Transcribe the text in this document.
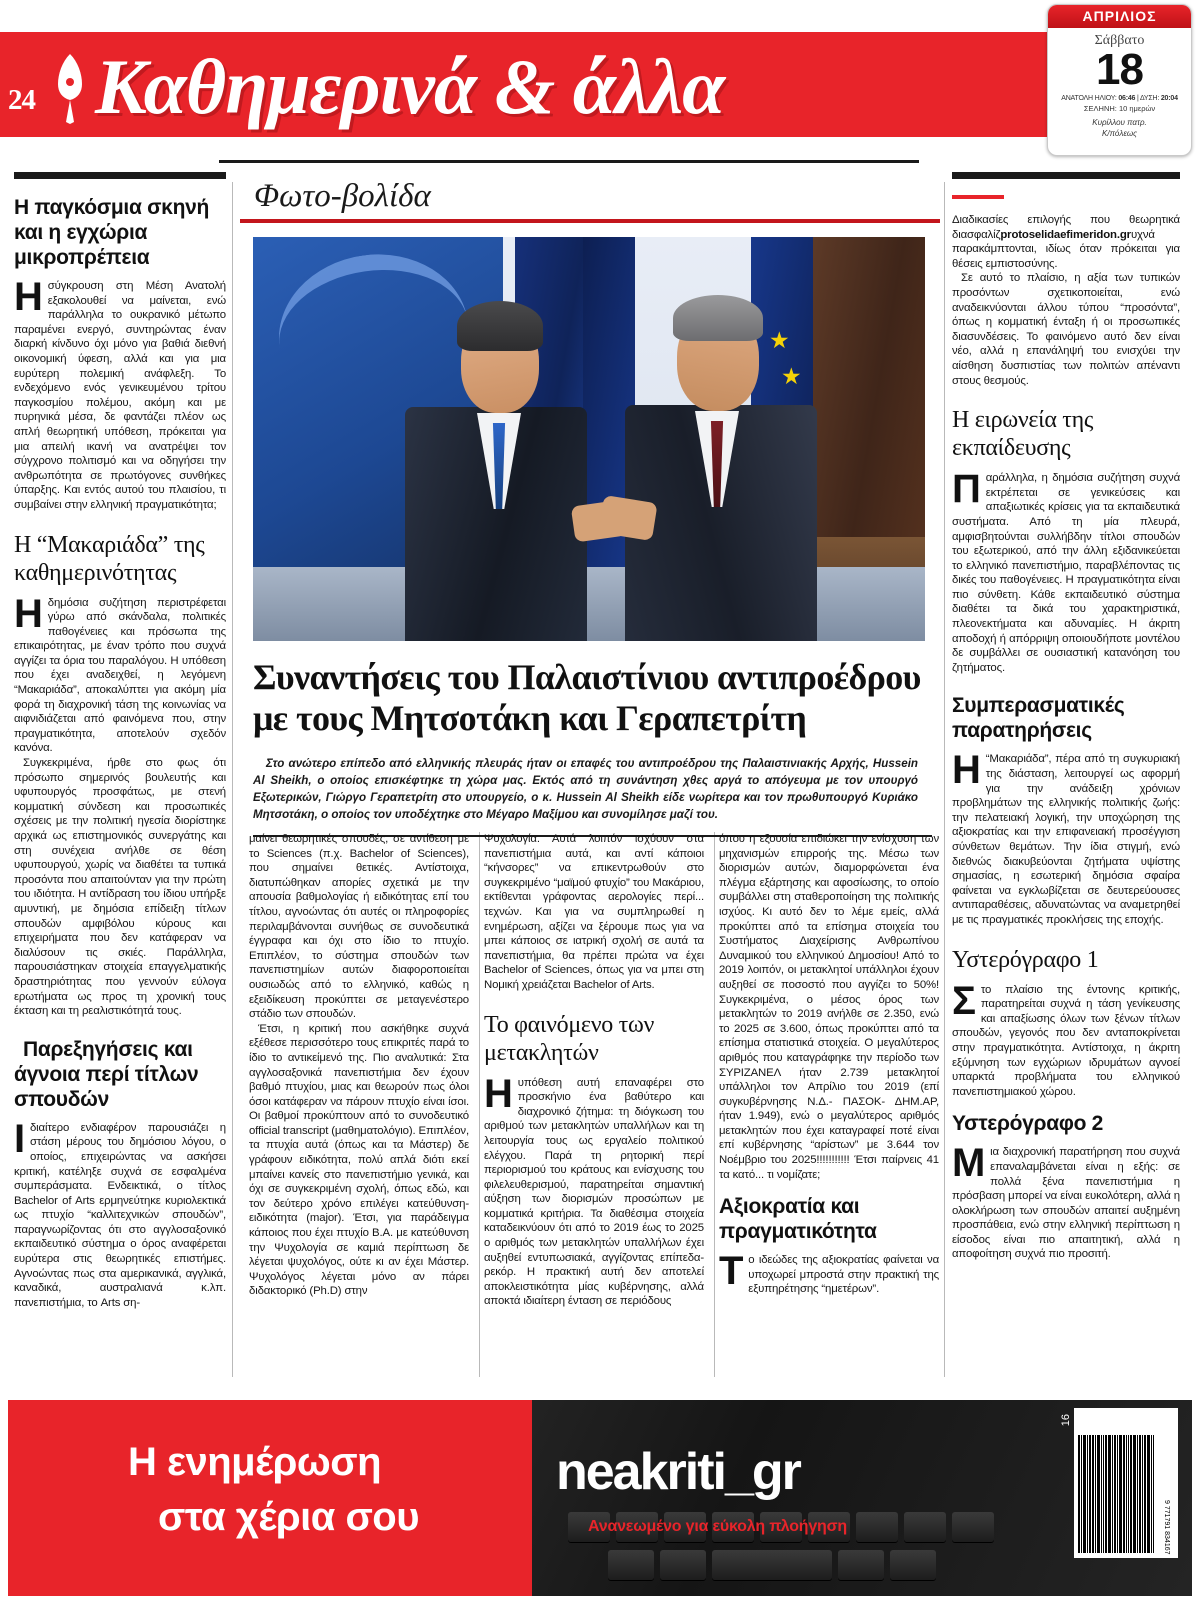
24 Καθημερινά & άλλα
ΑΠΡΙΛΙΟΣ
Σάββατο
18
ΑΝΑΤΟΛΗ ΗΛΙΟΥ: 06:46 | ΔΥΣΗ: 20:04
ΣΕΛΗΝΗ: 10 ημερών
Κυρίλλου πατρ.
Κ/πόλεως
Η παγκόσμια σκηνή και η εγχώρια μικροπρέπεια

Ησύγκρουση στη Μέση Ανατολή εξακολουθεί να μαίνεται, ενώ παράλληλα το ουκρανικό μέτωπο παραμένει ενεργό, συντηρώντας έναν διαρκή κίνδυνο όχι μόνο για βαθιά διεθνή οικονομική ύφεση, αλλά και για μια ευρύτερη πολεμική ανάφλεξη. Το ενδεχόμενο ενός γενικευμένου τρίτου παγκοσμίου πολέμου, ακόμη και με πυρηνικά μέσα, δε φαντάζει πλέον ως απλή θεωρητική υπόθεση, πρόκειται για μια απειλή ικανή να ανατρέψει τον σύγχρονο πολιτισμό και να οδηγήσει την ανθρωπότητα σε πρωτόγονες συνθήκες ύπαρξης. Και εντός αυτού του πλαισίου, τι συμβαίνει στην ελληνική πραγματικότητα;

Η “Μακαριάδα” της καθημερινότητας

Ηδημόσια συζήτηση περιστρέφεται γύρω από σκάνδαλα, πολιτικές παθογένειες και πρόσωπα της επικαιρότητας, με έναν τρόπο που συχνά αγγίζει τα όρια του παραλόγου. Η υπόθεση που έχει αναδειχθεί, η λεγόμενη “Μακαριάδα”, αποκαλύπτει για ακόμη μία φορά τη διαχρονική τάση της κοινωνίας να αιφνιδιάζεται από φαινόμενα που, στην πραγματικότητα, αποτελούν σχεδόν κανόνα.

Συγκεκριμένα, ήρθε στο φως ότι πρόσωπο σημερινός βουλευτής και υφυπουργός προσφάτως, με στενή κομματική σύνδεση και προσωπικές σχέσεις με την πολιτική ηγεσία διορίστηκε αρχικά ως επιστημονικός συνεργάτης και στη συνέχεια ανήλθε σε θέση υφυπουργού, χωρίς να διαθέτει τα τυπικά προσόντα που απαιτούνταν για την πρώτη του ιδιότητα. Η αντίδραση του ίδιου υπήρξε αμυντική, με δημόσια επίδειξη τίτλων σπουδών αμφιβόλου κύρους και επιχειρήματα που δεν κατάφεραν να διαλύσουν τις σκιές. Παράλληλα, παρουσιάστηκαν στοιχεία επαγγελματικής δραστηριότητας που γεννούν εύλογα ερωτήματα ως προς τη χρονική τους έκταση και τη ρεαλιστικότητά τους.

Παρεξηγήσεις και άγνοια περί τίτλων σπουδών

Ιδιαίτερο ενδιαφέρον παρουσιάζει η στάση μέρους του δημόσιου λόγου, ο οποίος, επιχειρώντας να ασκήσει κριτική, κατέληξε συχνά σε εσφαλμένα συμπεράσματα. Ενδεικτικά, ο τίτλος Bachelor of Arts ερμηνεύτηκε κυριολεκτικά ως πτυχίο “καλλιτεχνικών σπουδών”, παραγνωρίζοντας ότι στο αγγλοσαξονικό εκπαιδευτικό σύστημα ο όρος αναφέρεται ευρύτερα στις θεωρητικές επιστήμες. Αγνοώντας πως στα αμερικανικά, αγγλικά, καναδικά, αυστραλιανά κ.λπ. πανεπιστήμια, το Arts ση-

Φωτο-βολίδα
★
★
Συναντήσεις του Παλαιστίνιου αντιπροέδρου με τους Μητσοτάκη και Γεραπετρίτη
Στο ανώτερο επίπεδο από ελληνικής πλευράς ήταν οι επαφές του αντιπροέδρου της Παλαιστινιακής Αρχής, Hussein Al Sheikh, ο οποίος επισκέφτηκε τη χώρα μας. Εκτός από τη συνάντηση χθες αργά το απόγευμα με τον υπουργό Εξωτερικών, Γιώργο Γεραπετρίτη στο υπουργείο, ο κ. Hussein Al Sheikh είδε νωρίτερα και τον πρωθυπουργό Κυριάκο Μητσοτάκη, ο οποίος τον υποδέχτηκε στο Μέγαρο Μαξίμου και συνομίλησε μαζί του.

μαίνει θεωρητικές σπουδές, σε αντίθεση με το Sciences (π.χ. Bachelor of Sciences), που σημαίνει θετικές. Αντίστοιχα, διατυπώθηκαν απορίες σχετικά με την απουσία βαθμολογίας ή ειδικότητας επί του τίτλου, αγνοώντας ότι αυτές οι πληροφορίες περιλαμβάνονται συνήθως σε συνοδευτικά έγγραφα και όχι στο ίδιο το πτυχίο. Επιπλέον, το σύστημα σπουδών των πανεπιστημίων αυτών διαφοροποιείται ουσιωδώς από το ελληνικό, καθώς η εξειδίκευση προκύπτει σε μεταγενέστερο στάδιο των σπουδών.

Έτσι, η κριτική που ασκήθηκε συχνά εξέθεσε περισσότερο τους επικριτές παρά το ίδιο το αντικείμενό της. Πιο αναλυτικά: Στα αγγλοσαξονικά πανεπιστήμια δεν έχουν βαθμό πτυχίου, μιας και θεωρούν πως όλοι όσοι κατάφεραν να πάρουν πτυχίο είναι ίσοι. Οι βαθμοί προκύπτουν από το συνοδευτικό official transcript (μαθηματολόγιο). Επιπλέον, τα πτυχία αυτά (όπως και τα Μάστερ) δε γράφουν ειδικότητα, πολύ απλά διότι εκεί μπαίνει κανείς στο πανεπιστήμιο γενικά, και όχι σε συγκεκριμένη σχολή, όπως εδώ, και τον δεύτερο χρόνο επιλέγει κατεύθυνση-ειδικότητα (major). Έτσι, για παράδειγμα κάποιος που έχει πτυχίο Β.Α. με κατεύθυνση την Ψυχολογία σε καμιά περίπτωση δε λέγεται ψυχολόγος, ούτε κι αν έχει Μάστερ. Ψυχολόγος λέγεται μόνο αν πάρει διδακτορικό (Ph.D) στην

Ψυχολογία. Αυτά λοιπόν ισχύουν στα πανεπιστήμια αυτά, και αντί κάποιοι “κήνσορες” να επικεντρωθούν στο συγκεκριμένο “μαϊμού φτυχίο” του Μακάριου, εκτίθενται γράφοντας αερολογίες περί... τεχνών. Και για να συμπληρωθεί η ενημέρωση, αξίζει να ξέρουμε πως για να μπει κάποιος σε ιατρική σχολή σε αυτά τα πανεπιστήμια, θα πρέπει πρώτα να έχει Bachelor of Sciences, όπως για να μπει στη Νομική χρειάζεται Bachelor of Arts.

Το φαινόμενο των μετακλητών

Ηυπόθεση αυτή επαναφέρει στο προσκήνιο ένα βαθύτερο και διαχρονικό ζήτημα: τη διόγκωση του αριθμού των μετακλητών υπαλλήλων και τη λειτουργία τους ως εργαλείο πολιτικού ελέγχου. Παρά τη ρητορική περί περιορισμού του κράτους και ενίσχυσης του φιλελευθερισμού, παρατηρείται σημαντική αύξηση των διορισμών προσώπων με κομματικά κριτήρια. Τα διαθέσιμα στοιχεία καταδεικνύουν ότι από το 2019 έως το 2025 ο αριθμός των μετακλητών υπαλλήλων έχει αυξηθεί εντυπωσιακά, αγγίζοντας επίπεδα-ρεκόρ. Η πρακτική αυτή δεν αποτελεί αποκλειστικότητα μίας κυβέρνησης, αλλά αποκτά ιδιαίτερη ένταση σε περιόδους

όπου η εξουσία επιδιώκει την ενίσχυση των μηχανισμών επιρροής της. Μέσω των διορισμών αυτών, διαμορφώνεται ένα πλέγμα εξάρτησης και αφοσίωσης, το οποίο συμβάλλει στη σταθεροποίηση της πολιτικής ισχύος. Κι αυτό δεν το λέμε εμείς, αλλά προκύπτει από τα επίσημα στοιχεία του Συστήματος Διαχείρισης Ανθρωπίνου Δυναμικού του ελληνικού Δημοσίου! Από το 2019 λοιπόν, οι μετακλητοί υπάλληλοι έχουν αυξηθεί σε ποσοστό που αγγίζει το 50%! Συγκεκριμένα, ο μέσος όρος των μετακλητών το 2019 ανήλθε σε 2.350, ενώ το 2025 σε 3.600, όπως προκύπτει από τα επίσημα στατιστικά στοιχεία. Ο μεγαλύτερος αριθμός που καταγράφηκε την περίοδο των ΣΥΡΙΖΑΝΕΛ ήταν 2.739 μετακλητοί υπάλληλοι τον Απρίλιο του 2019 (επί συγκυβέρνησης Ν.Δ.- ΠΑΣΟΚ- ΔΗΜ.ΑΡ, ήταν 1.949), ενώ ο μεγαλύτερος αριθμός μετακλητών που έχει καταγραφεί ποτέ είναι επί κυβέρνησης “αρίστων” με 3.644 τον Νοέμβριο του 2025!!!!!!!!!!! Έτσι παίρνεις 41 τα κατό... τι νομίζατε;

Αξιοκρατία και πραγματικότητα

Το ιδεώδες της αξιοκρατίας φαίνεται να υποχωρεί μπροστά στην πρακτική της εξυπηρέτησης “ημετέρων”.

Διαδικασίες επιλογής που θεωρητικά διασφαλίζprotoselidaefimeridon.grυχνά παρακάμπτονται, ιδίως όταν πρόκειται για θέσεις εμπιστοσύνης.

Σε αυτό το πλαίσιο, η αξία των τυπικών προσόντων σχετικοποιείται, ενώ αναδεικνύονται άλλου τύπου “προσόντα”, όπως η κομματική ένταξη ή οι προσωπικές διασυνδέσεις. Το φαινόμενο αυτό δεν είναι νέο, αλλά η επανάληψή του ενισχύει την αίσθηση δυσπιστίας των πολιτών απέναντι στους θεσμούς.

Η ειρωνεία της εκπαίδευσης

Παράλληλα, η δημόσια συζήτηση συχνά εκτρέπεται σε γενικεύσεις και απαξιωτικές κρίσεις για τα εκπαιδευτικά συστήματα. Από τη μία πλευρά, αμφισβητούνται συλλήβδην τίτλοι σπουδών του εξωτερικού, από την άλλη εξιδανικεύεται το ελληνικό πανεπιστήμιο, παραβλέποντας τις δικές του παθογένειες. Η πραγματικότητα είναι πιο σύνθετη. Κάθε εκπαιδευτικό σύστημα διαθέτει τα δικά του χαρακτηριστικά, πλεονεκτήματα και αδυναμίες. Η άκριτη αποδοχή ή απόρριψη οποιουδήποτε μοντέλου δε συμβάλλει σε ουσιαστική κατανόηση του ζητήματος.

Συμπερασματικές παρατηρήσεις

Η “Μακαριάδα”, πέρα από τη συγκυριακή της διάσταση, λειτουργεί ως αφορμή για την ανάδειξη χρόνιων προβλημάτων της ελληνικής πολιτικής ζωής: την πελατειακή λογική, την υποχώρηση της αξιοκρατίας και την επιφανειακή προσέγγιση σύνθετων θεμάτων. Την ίδια στιγμή, ενώ διεθνώς διακυβεύονται ζητήματα υψίστης σημασίας, η εσωτερική δημόσια σφαίρα φαίνεται να εγκλωβίζεται σε δευτερεύουσες αντιπαραθέσεις, αδυνατώντας να αναμετρηθεί με τις πραγματικές προκλήσεις της εποχής.

Υστερόγραφο 1

Στο πλαίσιο της έντονης κριτικής, παρατηρείται συχνά η τάση γενίκευσης και απαξίωσης όλων των ξένων τίτλων σπουδών, γεγονός που δεν ανταποκρίνεται στην πραγματικότητα. Αντίστοιχα, η άκριτη εξύμνηση των εγχώριων ιδρυμάτων αγνοεί υπαρκτά προβλήματα του ελληνικού πανεπιστημιακού χώρου.

Υστερόγραφο 2

Μια διαχρονική παρατήρηση που συχνά επαναλαμβάνεται είναι η εξής: σε πολλά ξένα πανεπιστήμια η πρόσβαση μπορεί να είναι ευκολότερη, αλλά η ολοκλήρωση των σπουδών απαιτεί αυξημένη προσπάθεια, ενώ στην ελληνική περίπτωση η είσοδος είναι πιο απαιτητική, αλλά η αποφοίτηση συχνά πιο προσιτή.

Η ενημέρωση
στα χέρια σου
neakriti_gr
Ανανεωμένο για εύκολη πλοήγηση
16
9 771791 834167
